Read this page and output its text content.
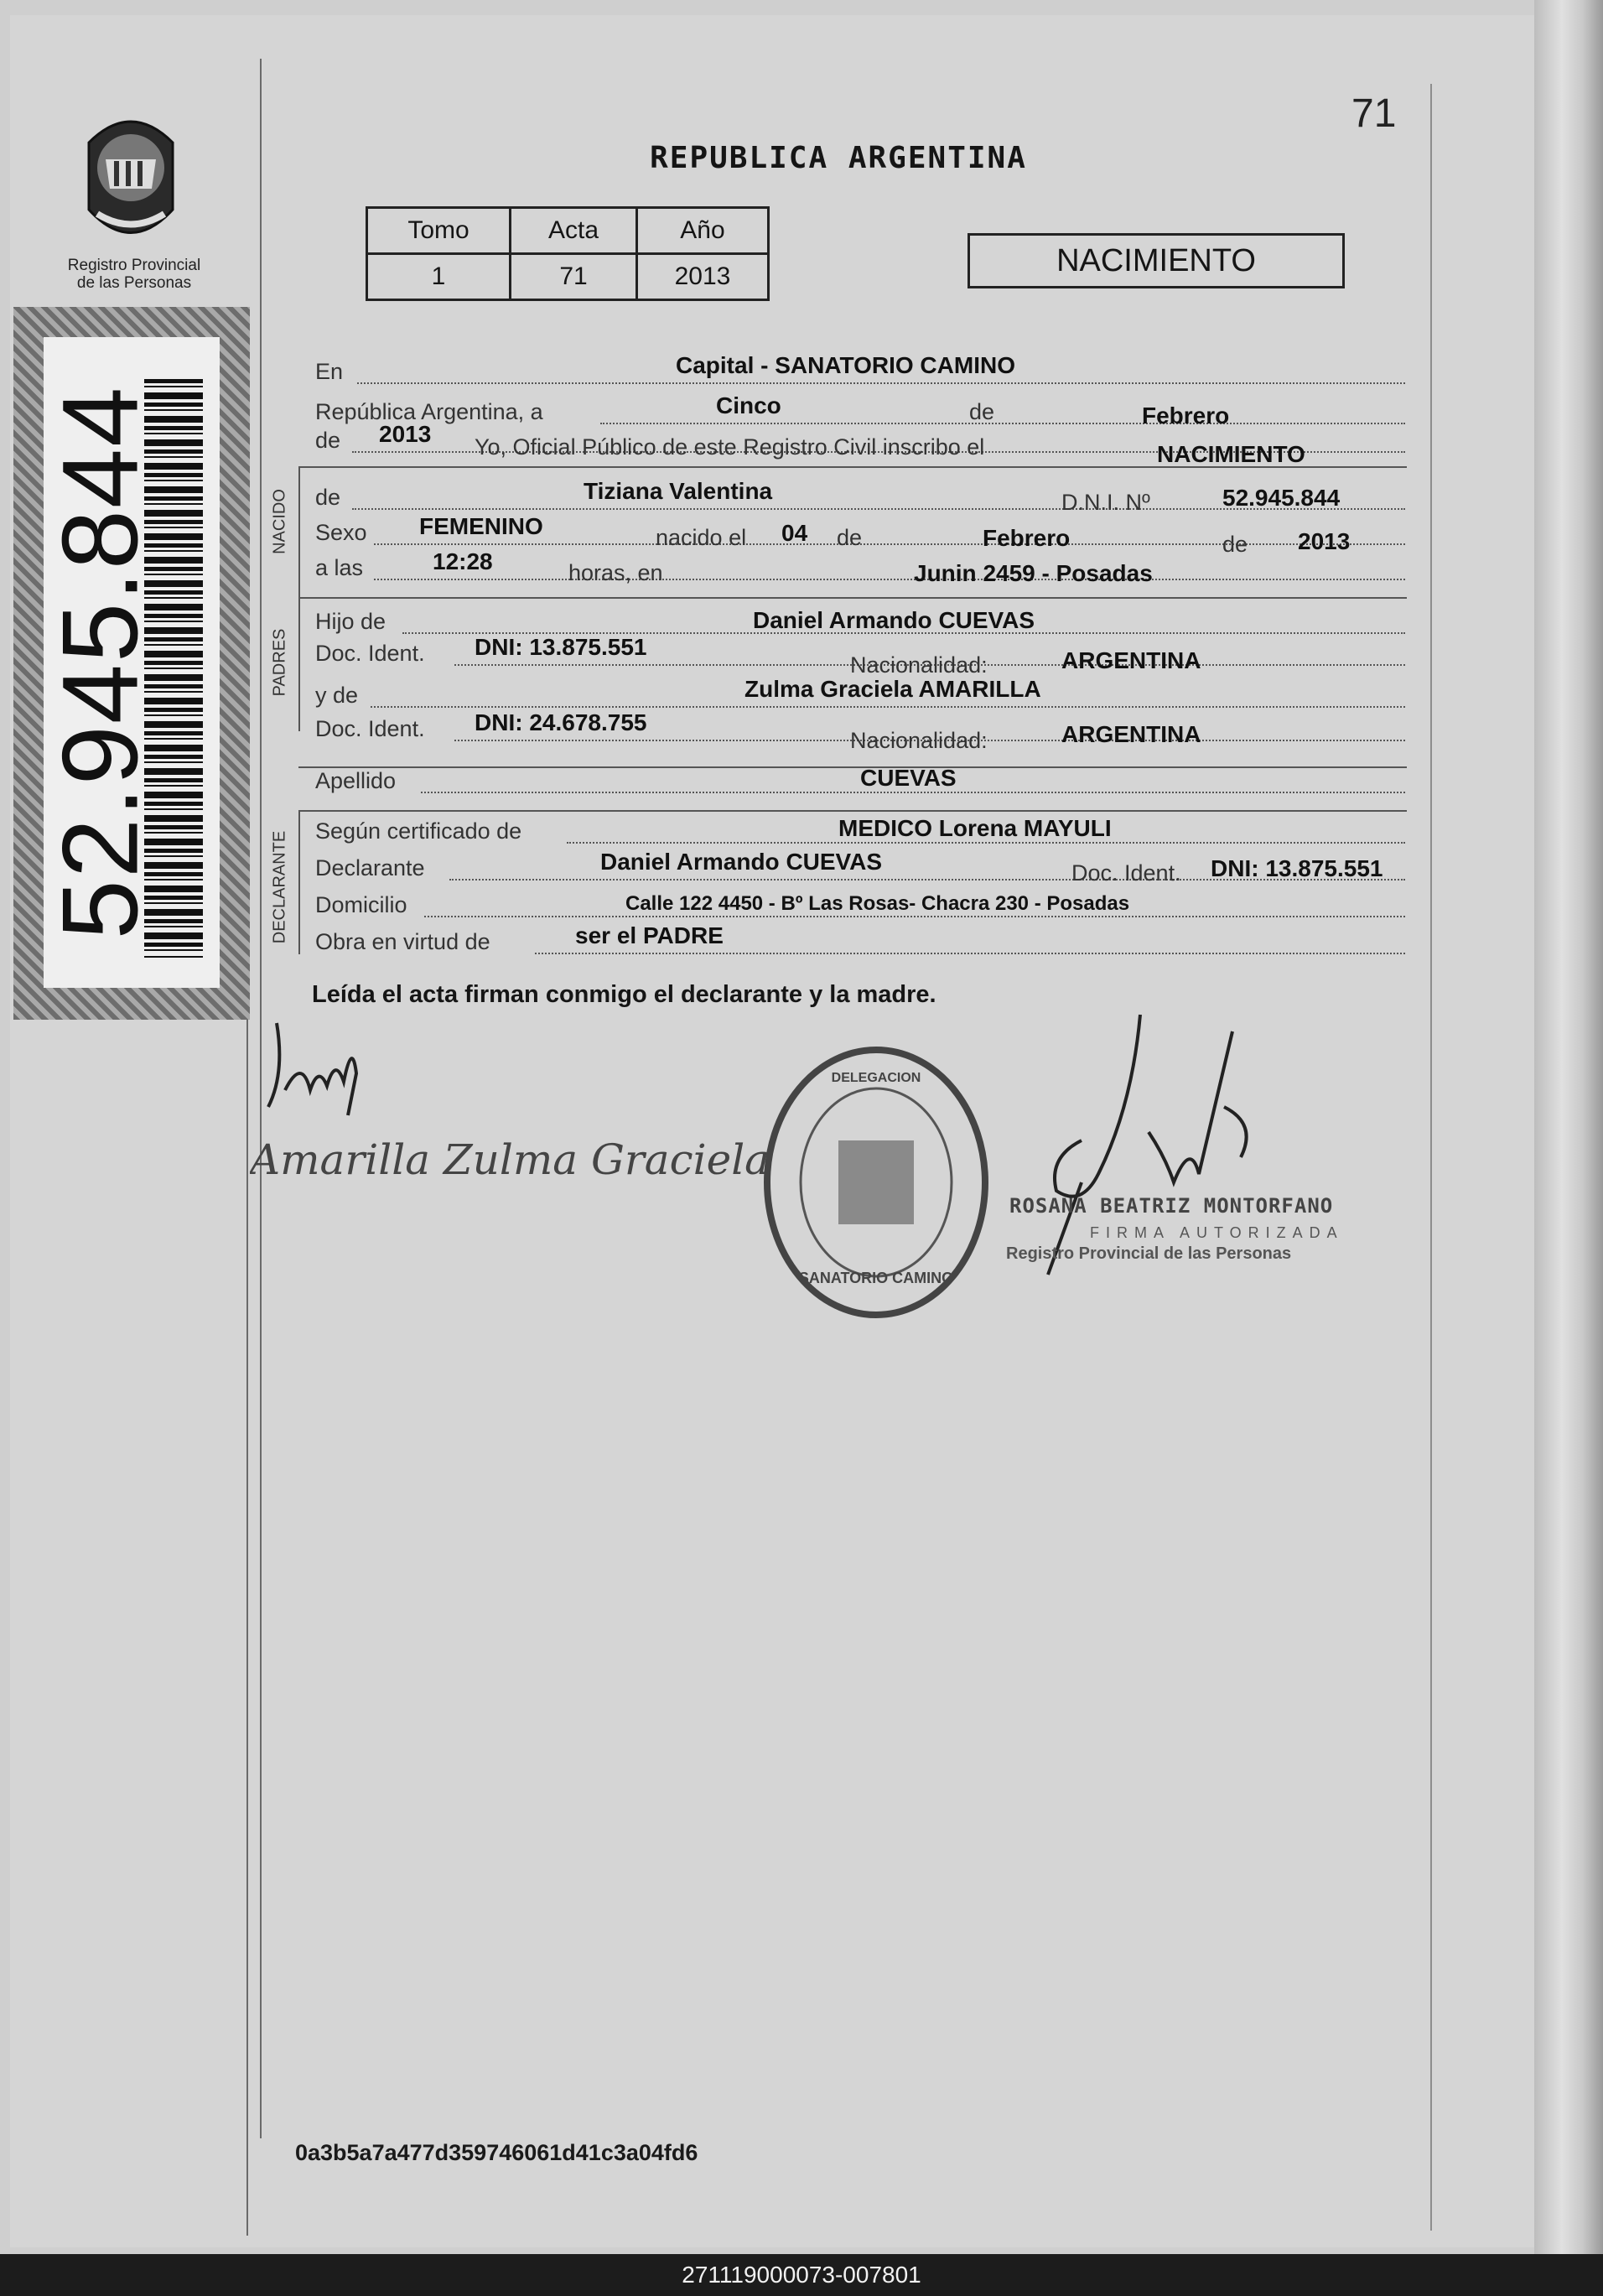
Registro Provincial
de las Personas
52.945.844
71
REPUBLICA ARGENTINA
Tomo	Acta	Año
1	71	2013	NACIMIENTO
NACIDO
PADRES
DECLARANTE
En	Capital - SANATORIO CAMINO
República Argentina, a	Cinco	de	Febrero
de 2013 Yo, Oficial Público de este Registro Civil inscribo el	NACIMIENTO
de	Tiziana Valentina	D.N.I. Nº	52.945.844
Sexo FEMENINO	nacido el 04 de	Febrero	de 2013
a las	12:28	horas, en	Junin 2459 - Posadas
Hijo de	Daniel Armando CUEVAS
Doc. Ident. DNI: 13.875.551
Nacionalidad:	ARGENTINA
y de	Zulma Graciela AMARILLA
Doc. Ident. DNI: 24.678.755
Nacionalidad:	ARGENTINA
Apellido	CUEVAS
Según certificado de	MEDICO Lorena MAYULI
Declarante	Daniel Armando CUEVAS	Doc. Ident. DNI: 13.875.551
Domicilio	Calle 122 4450 - Bº Las Rosas- Chacra 230 - Posadas
Obra en virtud de	ser el PADRE
Leída el acta firman conmigo el declarante y la madre.
Amarilla Zulma Graciela
SANATORIO CAMINO
DELEGACION
ROSANA BEATRIZ MONTORFANO
FIRMA AUTORIZADA
Registro Provincial de las Personas
0a3b5a7a477d359746061d41c3a04fd6
271119000073-007801
